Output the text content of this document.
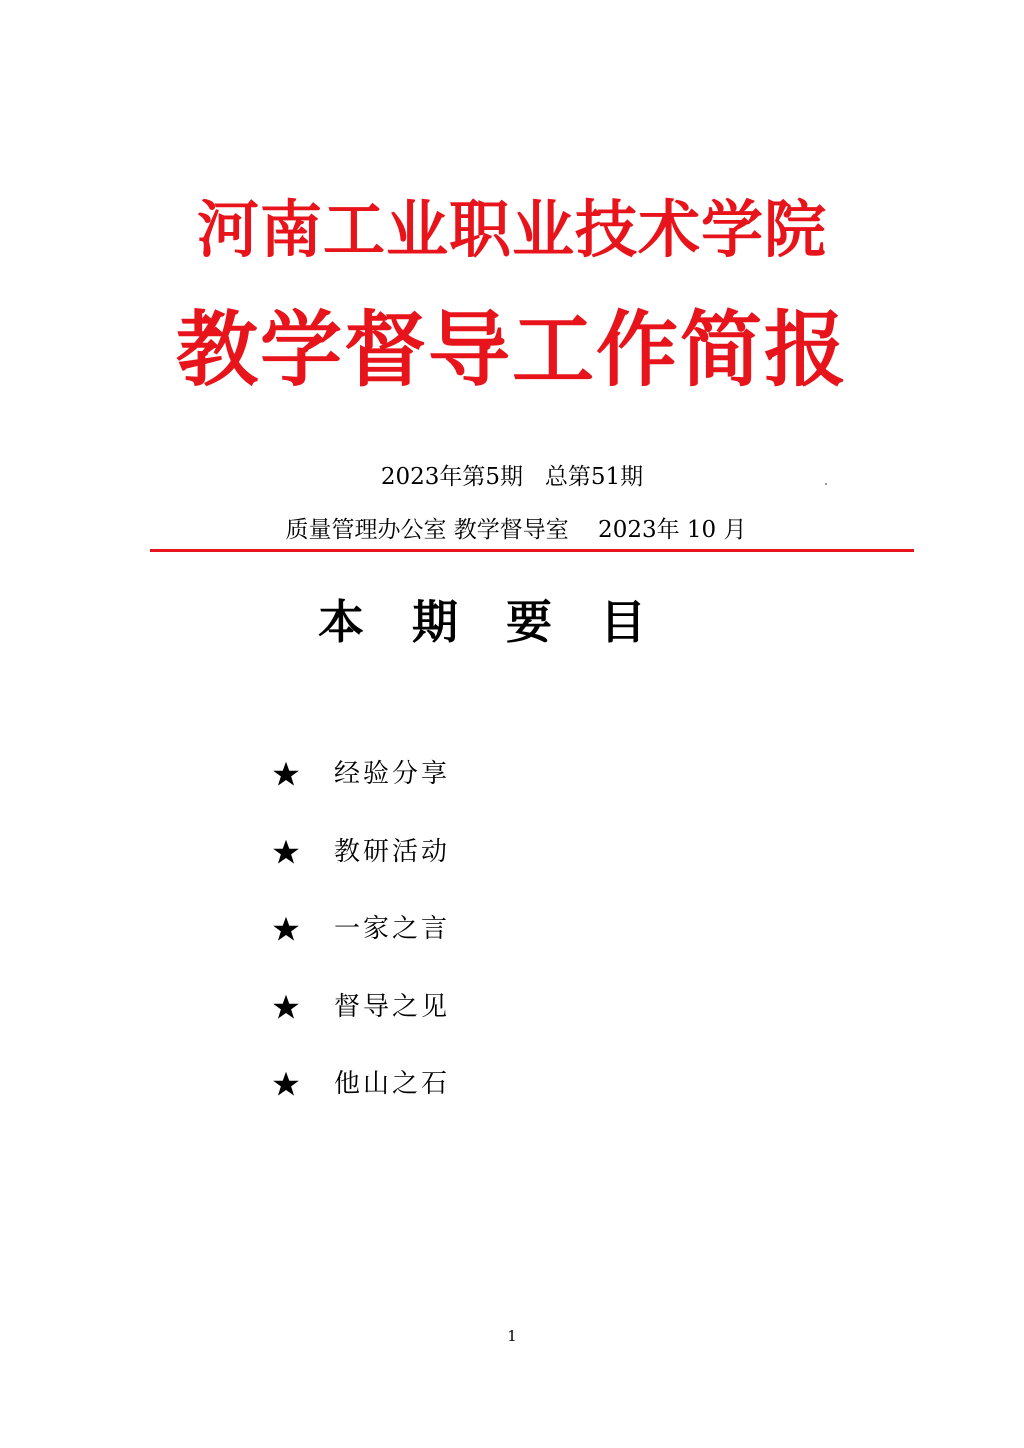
河南工业职业技术学院
教学督导工作简报
2023年第5期   总第51期
质量管理办公室 教学督导室    2023年 10 月
本期要目
经验分享
教研活动
一家之言
督导之见
他山之石
1
